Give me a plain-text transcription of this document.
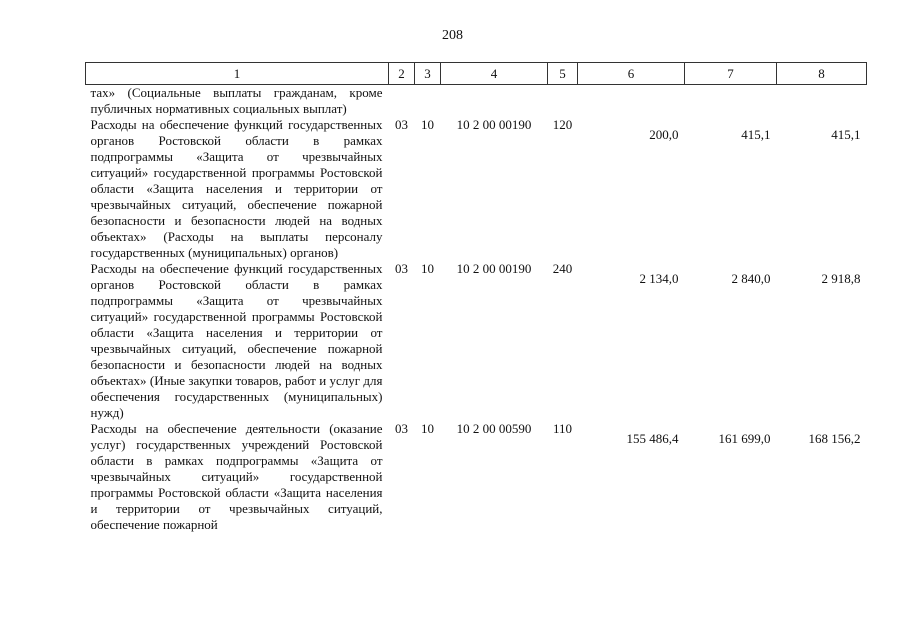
208
1	2	3	4	5	6	7	8
тах» (Социальные выплаты гражданам, кроме публичных нормативных социальных выплат)							
Расходы на обеспечение функций государственных органов Ростовской области в рамках подпрограммы «Защита от чрезвычайных ситуаций» государственной программы Ростовской области «Защита населения и территории от чрезвычайных ситуаций, обеспечение пожарной безопасности и безопасности людей на водных объектах» (Расходы на выплаты персоналу государственных (муниципальных) органов)	03	10	10 2 00 00190	120	200,0	415,1	415,1
Расходы на обеспечение функций государственных органов Ростовской области в рамках подпрограммы «Защита от чрезвычайных ситуаций» государственной программы Ростовской области «Защита населения и территории от чрезвычайных ситуаций, обеспечение пожарной безопасности и безопасности людей на водных объектах» (Иные закупки товаров, работ и услуг для обеспечения государственных (муниципальных) нужд)	03	10	10 2 00 00190	240	2 134,0	2 840,0	2 918,8
Расходы на обеспечение деятельности (оказание услуг) государственных учреждений Ростовской области в рамках подпрограммы «Защита от чрезвычайных ситуаций» государственной программы Ростовской области «Защита населения и территории от чрезвычайных ситуаций, обеспечение пожарной	03	10	10 2 00 00590	110	155 486,4	161 699,0	168 156,2
